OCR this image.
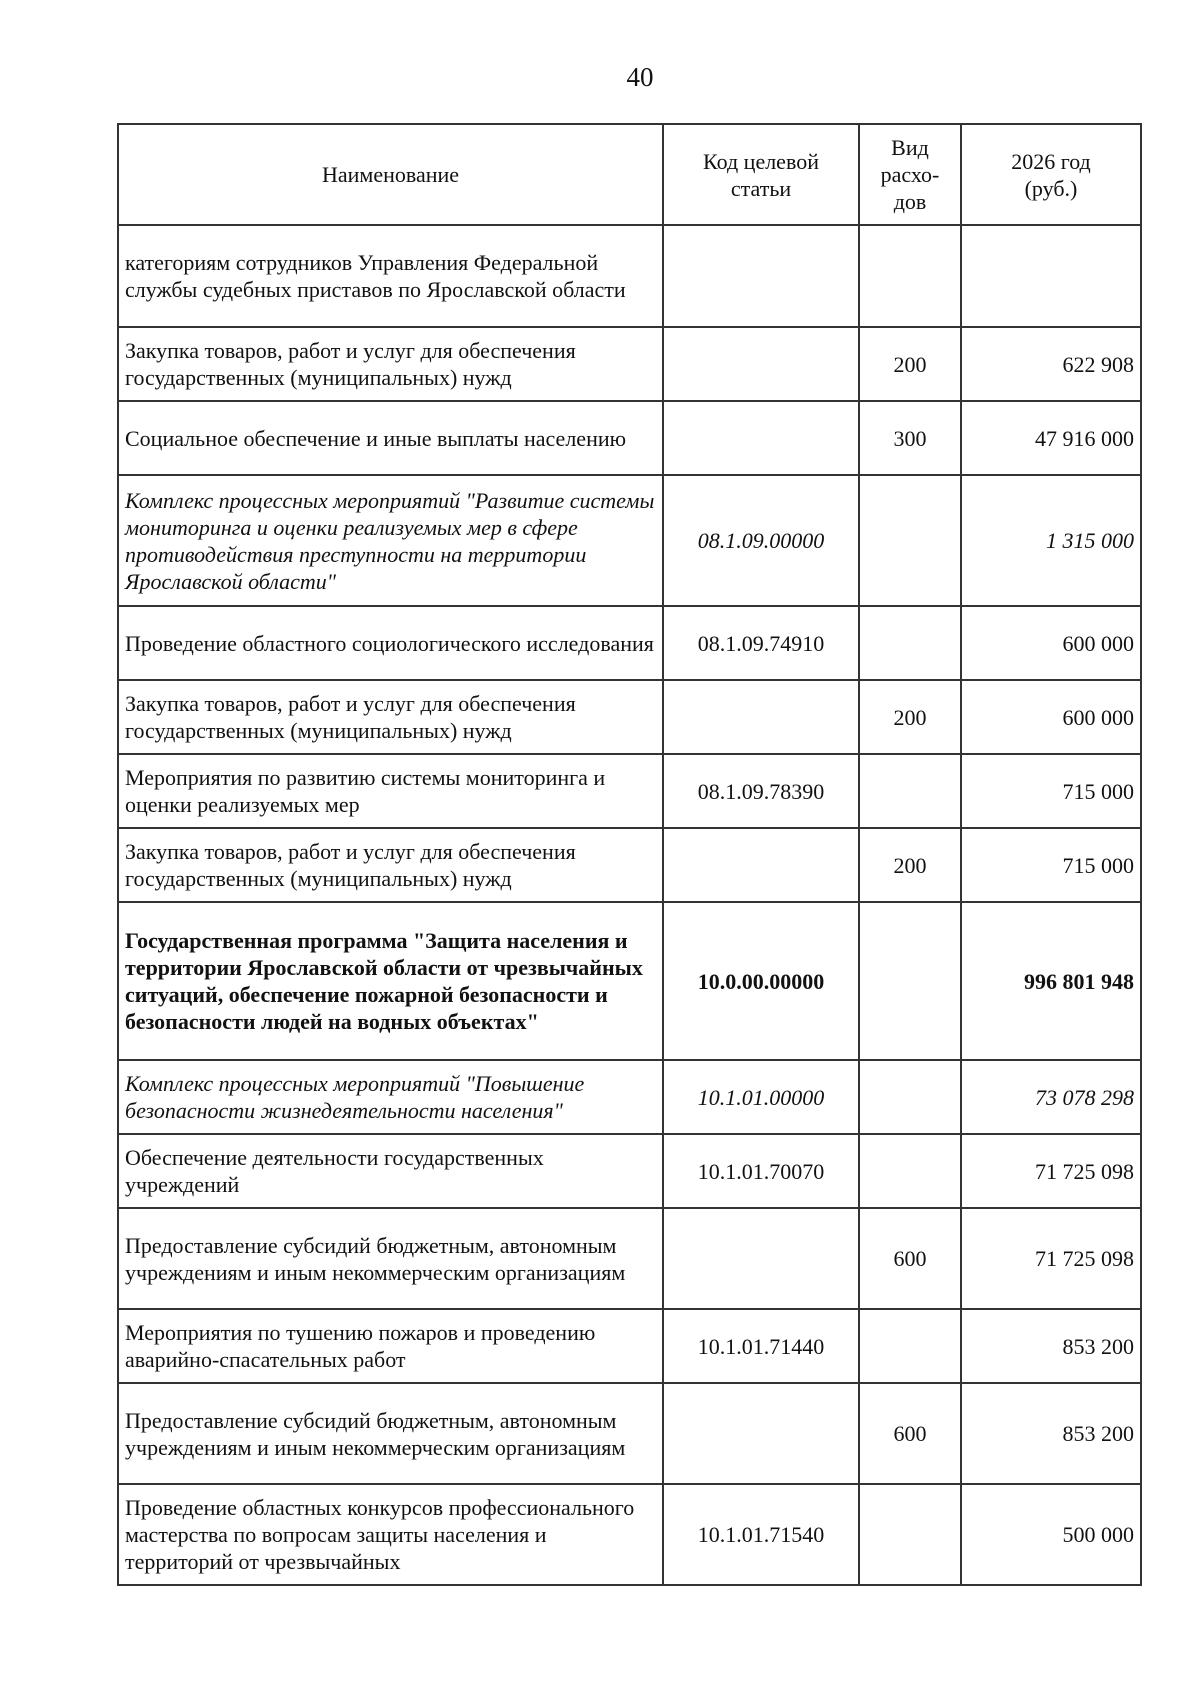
40
Наименование	Код целевой статьи	Вид расхо-дов	2026 год (руб.)
категориям сотрудников Управления Федеральной службы судебных приставов по Ярославской области			
Закупка товаров, работ и услуг для обеспечения государственных (муниципальных) нужд		200	622 908
Социальное обеспечение и иные выплаты населению		300	47 916 000
Комплекс процессных мероприятий "Развитие системы мониторинга и оценки реализуемых мер в сфере противодействия преступности на территории Ярославской области"	08.1.09.00000		1 315 000
Проведение областного социологического исследования	08.1.09.74910		600 000
Закупка товаров, работ и услуг для обеспечения государственных (муниципальных) нужд		200	600 000
Мероприятия по развитию системы мониторинга и оценки реализуемых мер	08.1.09.78390		715 000
Закупка товаров, работ и услуг для обеспечения государственных (муниципальных) нужд		200	715 000
Государственная программа "Защита населения и территории Ярославской области от чрезвычайных ситуаций, обеспечение пожарной безопасности и безопасности людей на водных объектах"	10.0.00.00000		996 801 948
Комплекс процессных мероприятий "Повышение безопасности жизнедеятельности населения"	10.1.01.00000		73 078 298
Обеспечение деятельности государственных учреждений	10.1.01.70070		71 725 098
Предоставление субсидий бюджетным, автономным учреждениям и иным некоммерческим организациям		600	71 725 098
Мероприятия по тушению пожаров и проведению аварийно-спасательных работ	10.1.01.71440		853 200
Предоставление субсидий бюджетным, автономным учреждениям и иным некоммерческим организациям		600	853 200
Проведение областных конкурсов профессионального мастерства по вопросам защиты населения и территорий от чрезвычайных	10.1.01.71540		500 000
